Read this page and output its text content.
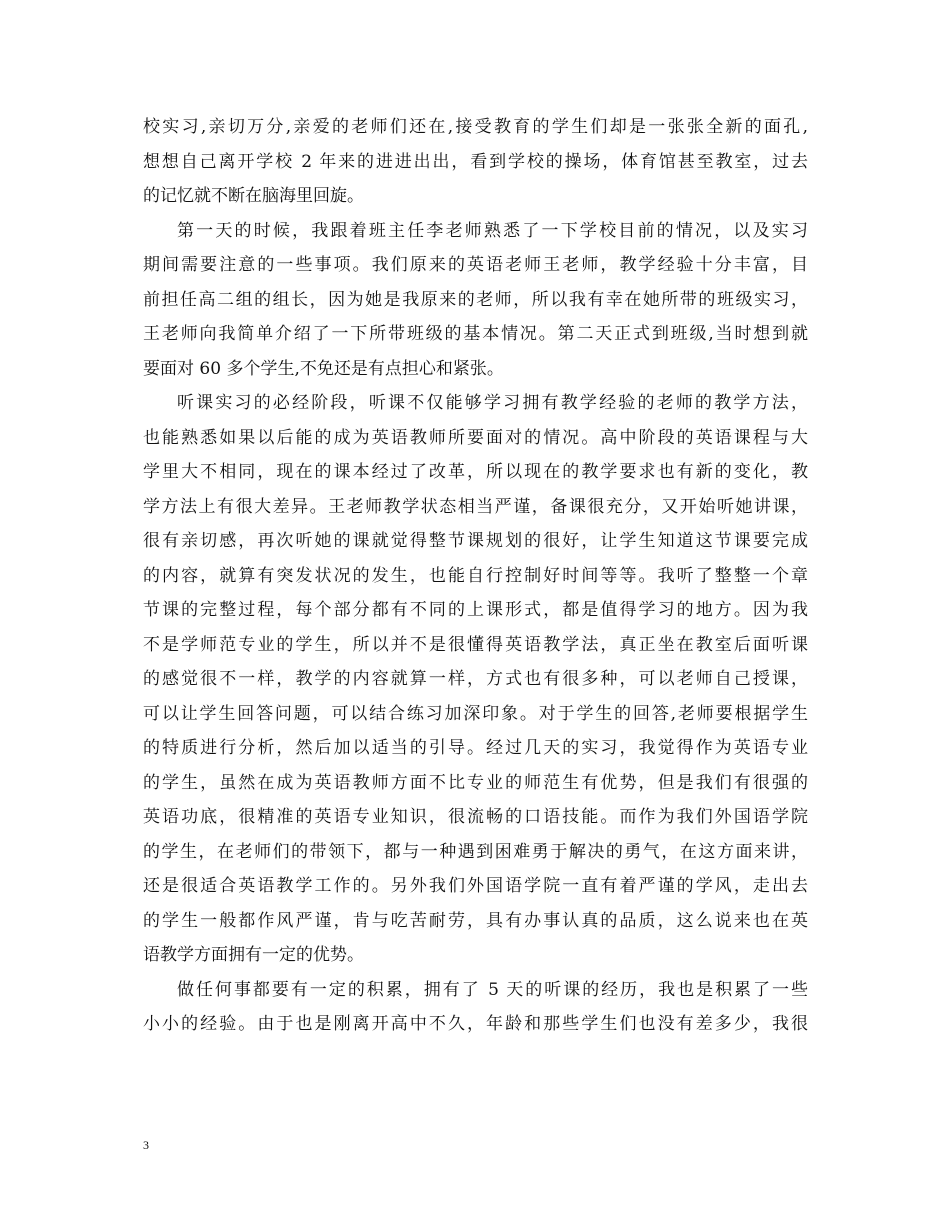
校实习,亲切万分,亲爱的老师们还在,接受教育的学生们却是一张张全新的面孔,
想想自己离开学校 2 年来的进进出出，看到学校的操场，体育馆甚至教室，过去
的记忆就不断在脑海里回旋。
第一天的时候，我跟着班主任李老师熟悉了一下学校目前的情况，以及实习
期间需要注意的一些事项。我们原来的英语老师王老师，教学经验十分丰富，目
前担任高二组的组长，因为她是我原来的老师，所以我有幸在她所带的班级实习，
王老师向我简单介绍了一下所带班级的基本情况。第二天正式到班级,当时想到就
要面对 60 多个学生,不免还是有点担心和紧张。
听课实习的必经阶段，听课不仅能够学习拥有教学经验的老师的教学方法，
也能熟悉如果以后能的成为英语教师所要面对的情况。高中阶段的英语课程与大
学里大不相同，现在的课本经过了改革，所以现在的教学要求也有新的变化，教
学方法上有很大差异。王老师教学状态相当严谨，备课很充分，又开始听她讲课，
很有亲切感，再次听她的课就觉得整节课规划的很好，让学生知道这节课要完成
的内容，就算有突发状况的发生，也能自行控制好时间等等。我听了整整一个章
节课的完整过程，每个部分都有不同的上课形式，都是值得学习的地方。因为我
不是学师范专业的学生，所以并不是很懂得英语教学法，真正坐在教室后面听课
的感觉很不一样，教学的内容就算一样，方式也有很多种，可以老师自己授课，
可以让学生回答问题，可以结合练习加深印象。对于学生的回答,老师要根据学生
的特质进行分析，然后加以适当的引导。经过几天的实习，我觉得作为英语专业
的学生，虽然在成为英语教师方面不比专业的师范生有优势，但是我们有很强的
英语功底，很精准的英语专业知识，很流畅的口语技能。而作为我们外国语学院
的学生，在老师们的带领下，都与一种遇到困难勇于解决的勇气，在这方面来讲，
还是很适合英语教学工作的。另外我们外国语学院一直有着严谨的学风，走出去
的学生一般都作风严谨，肯与吃苦耐劳，具有办事认真的品质，这么说来也在英
语教学方面拥有一定的优势。
做任何事都要有一定的积累，拥有了 5 天的听课的经历，我也是积累了一些
小小的经验。由于也是刚离开高中不久，年龄和那些学生们也没有差多少，我很
3
